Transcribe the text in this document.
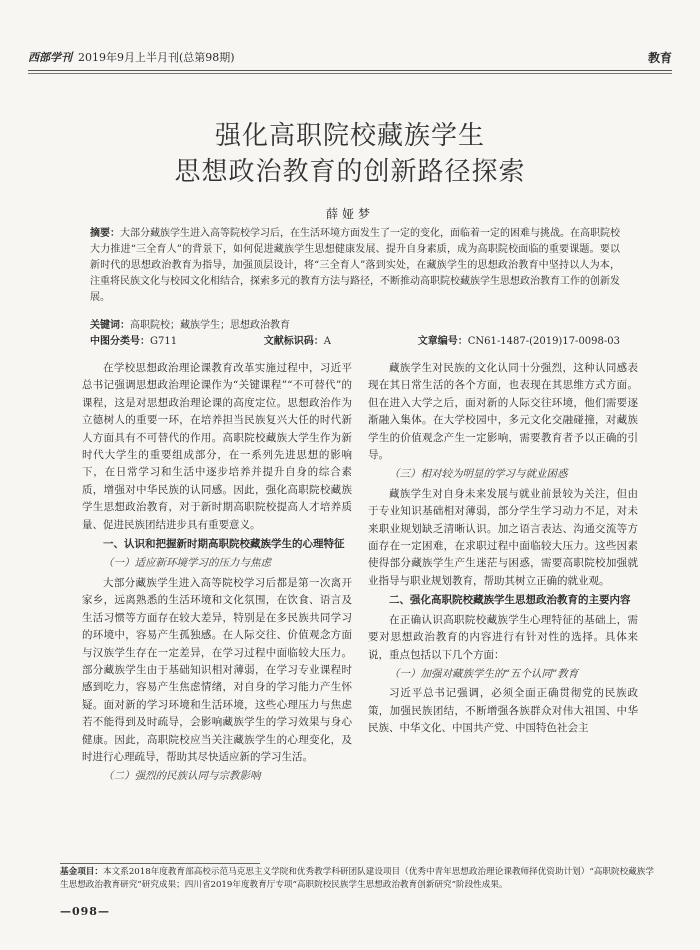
西部学刊 2019年9月上半月刊(总第98期)	教育
强化高职院校藏族学生
思想政治教育的创新路径探索
薛娅梦
摘要：大部分藏族学生进入高等院校学习后，在生活环境方面发生了一定的变化，面临着一定的困难与挑战。在高职院校大力推进“三全育人”的背景下，如何促进藏族学生思想健康发展、提升自身素质，成为高职院校面临的重要课题。要以新时代的思想政治教育为指导，加强顶层设计，将“三全育人”落到实处，在藏族学生的思想政治教育中坚持以人为本，注重将民族文化与校园文化相结合，探索多元的教育方法与路径，不断推动高职院校藏族学生思想政治教育工作的创新发展。
关键词：高职院校；藏族学生；思想政治教育
中图分类号：G711	文献标识码：A	文章编号：CN61-1487-(2019)17-0098-03
在学校思想政治理论课教育改革实施过程中，习近平总书记强调思想政治理论课作为“关键课程”“不可替代”的课程，这是对思想政治理论课的高度定位。思想政治作为立德树人的重要一环，在培养担当民族复兴大任的时代新人方面具有不可替代的作用。高职院校藏族大学生作为新时代大学生的重要组成部分，在一系列先进思想的影响下，在日常学习和生活中逐步培养并提升自身的综合素质，增强对中华民族的认同感。因此，强化高职院校藏族学生思想政治教育，对于新时期高职院校提高人才培养质量、促进民族团结进步具有重要意义。
一、认识和把握新时期高职院校藏族学生的心理特征
（一）适应新环境学习的压力与焦虑
大部分藏族学生进入高等院校学习后都是第一次离开家乡，远离熟悉的生活环境和文化氛围，在饮食、语言及生活习惯等方面存在较大差异，特别是在多民族共同学习的环境中，容易产生孤独感。在人际交往、价值观念方面与汉族学生存在一定差异，在学习过程中面临较大压力。部分藏族学生由于基础知识相对薄弱，在学习专业课程时感到吃力，容易产生焦虑情绪，对自身的学习能力产生怀疑。面对新的学习环境和生活环境，这些心理压力与焦虑若不能得到及时疏导，会影响藏族学生的学习效果与身心健康。因此，高职院校应当关注藏族学生的心理变化，及时进行心理疏导，帮助其尽快适应新的学习生活。
（二）强烈的民族认同与宗教影响
藏族学生对民族的文化认同十分强烈，这种认同感表现在其日常生活的各个方面，也表现在其思维方式方面。但在进入大学之后，面对新的人际交往环境，他们需要逐渐融入集体。在大学校园中，多元文化交融碰撞，对藏族学生的价值观念产生一定影响，需要教育者予以正确的引导。
（三）相对较为明显的学习与就业困惑
藏族学生对自身未来发展与就业前景较为关注，但由于专业知识基础相对薄弱，部分学生学习动力不足，对未来职业规划缺乏清晰认识。加之语言表达、沟通交流等方面存在一定困难，在求职过程中面临较大压力。这些因素使得部分藏族学生产生迷茫与困惑，需要高职院校加强就业指导与职业规划教育，帮助其树立正确的就业观。
二、强化高职院校藏族学生思想政治教育的主要内容
在正确认识高职院校藏族学生心理特征的基础上，需要对思想政治教育的内容进行有针对性的选择。具体来说，重点包括以下几个方面：
（一）加强对藏族学生的“五个认同”教育
习近平总书记强调，必须全面正确贯彻党的民族政策，加强民族团结，不断增强各族群众对伟大祖国、中华民族、中华文化、中国共产党、中国特色社会主
基金项目：本文系2018年度教育部高校示范马克思主义学院和优秀教学科研团队建设项目（优秀中青年思想政治理论课教师择优资助计划）“高职院校藏族学生思想政治教育研究”研究成果；四川省2019年度教育厅专项“高职院校民族学生思想政治教育创新研究”阶段性成果。
—098—
